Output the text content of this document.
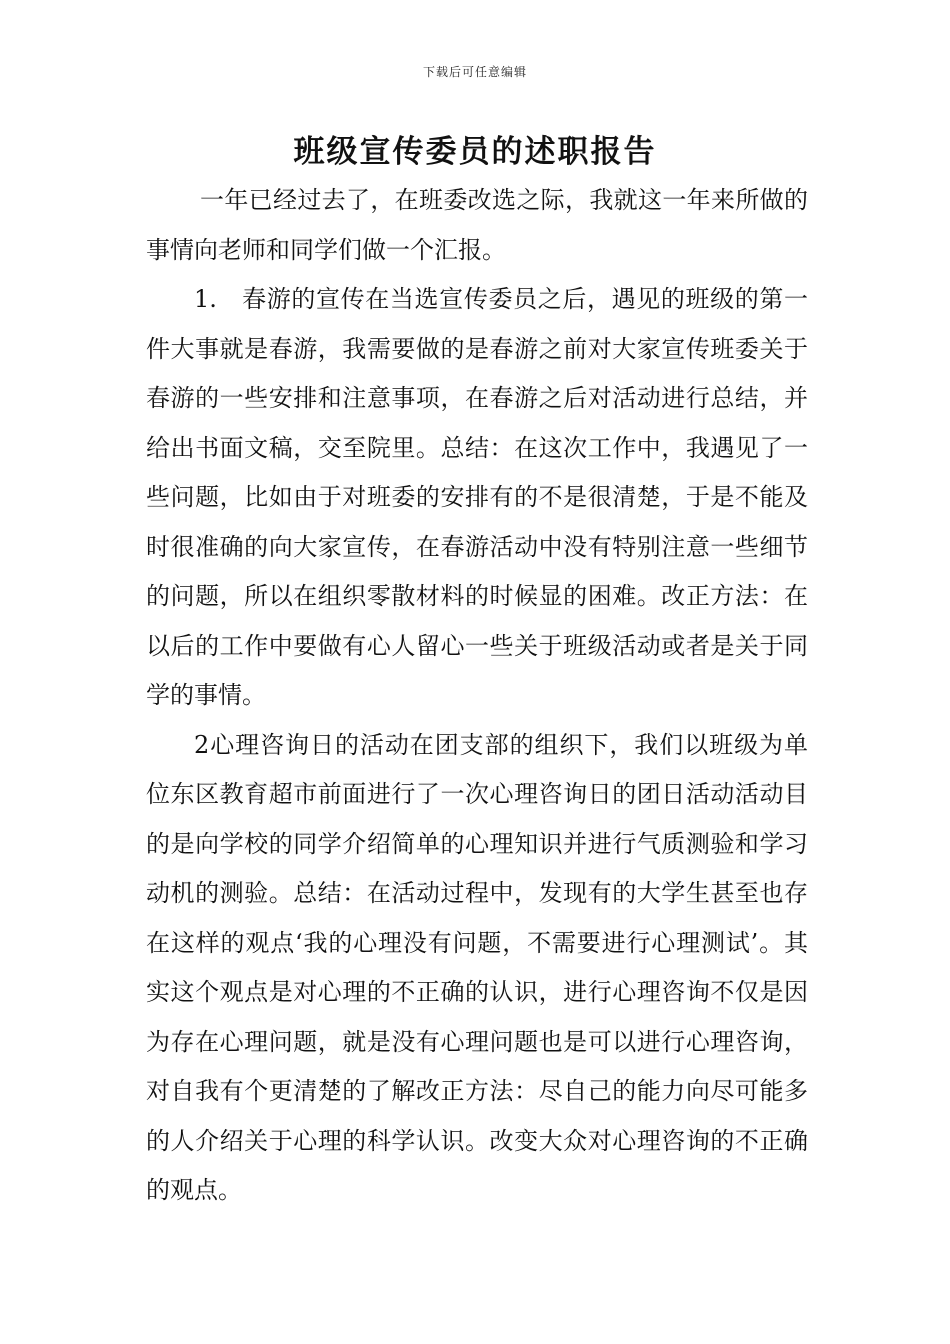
下载后可任意编辑
班级宣传委员的述职报告

一年已经过去了，在班委改选之际，我就这一年来所做的事情向老师和同学们做一个汇报。

1.　春游的宣传在当选宣传委员之后，遇见的班级的第一件大事就是春游，我需要做的是春游之前对大家宣传班委关于春游的一些安排和注意事项，在春游之后对活动进行总结，并给出书面文稿，交至院里。总结：在这次工作中，我遇见了一些问题，比如由于对班委的安排有的不是很清楚，于是不能及时很准确的向大家宣传，在春游活动中没有特别注意一些细节的问题，所以在组织零散材料的时候显的困难。改正方法：在以后的工作中要做有心人留心一些关于班级活动或者是关于同学的事情。

2心理咨询日的活动在团支部的组织下，我们以班级为单位东区教育超市前面进行了一次心理咨询日的团日活动活动目的是向学校的同学介绍简单的心理知识并进行气质测验和学习动机的测验。总结：在活动过程中，发现有的大学生甚至也存在这样的观点‘我的心理没有问题，不需要进行心理测试’。其实这个观点是对心理的不正确的认识，进行心理咨询不仅是因为存在心理问题，就是没有心理问题也是可以进行心理咨询，对自我有个更清楚的了解改正方法：尽自己的能力向尽可能多的人介绍关于心理的科学认识。改变大众对心理咨询的不正确的观点。
